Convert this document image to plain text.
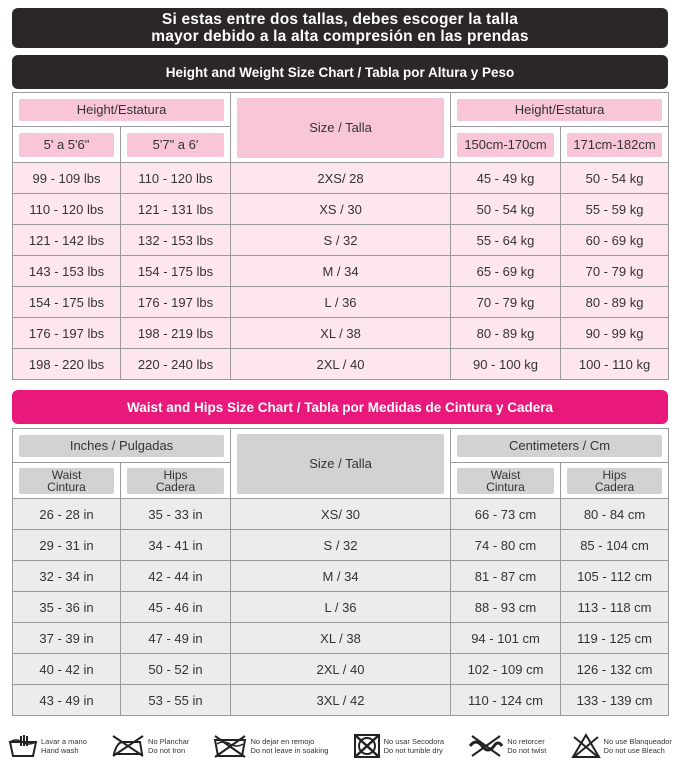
Si estas entre dos tallas, debes escoger la talla
mayor debido a la alta compresión en las prendas
Height and Weight Size Chart / Tabla por Altura y Peso
Height/Estatura		Size / Talla	Height/Estatura	

5' a 5'6"	5'7" a 6'		150cm-170cm	171cm-182cm

99 - 109 lbs	110 - 120 lbs	2XS/ 28	45 - 49 kg	50 - 54 kg
110 - 120 lbs	121 - 131 lbs	XS / 30	50 - 54 kg	55 - 59 kg
121 - 142 lbs	132 - 153 lbs	S / 32	55 - 64 kg	60 - 69 kg
143 - 153 lbs	154 - 175 lbs	M / 34	65 - 69 kg	70 - 79 kg
154 - 175 lbs	176 - 197 lbs	L / 36	70 - 79 kg	80 - 89 kg
176 - 197 lbs	198 - 219 lbs	XL / 38	80 - 89 kg	90 - 99 kg
198 - 220 lbs	220 - 240 lbs	2XL / 40	90 - 100 kg	100 - 110 kg
Waist and Hips Size Chart / Tabla por Medidas de Cintura y Cadera
Inches / Pulgadas		Size / Talla	Centimeters / Cm	

Waist
Cintura	Hips
Cadera		Waist
Cintura	Hips
Cadera

26 - 28 in	35 - 33 in	XS/ 30	66 - 73 cm	80 - 84 cm
29 - 31 in	34 - 41 in	S / 32	74 - 80 cm	85 - 104 cm
32 - 34 in	42 - 44 in	M / 34	81 - 87 cm	105 - 112 cm
35 - 36 in	45 - 46 in	L / 36	88 - 93 cm	113 - 118 cm
37 - 39 in	47 - 49 in	XL / 38	94 - 101 cm	119 - 125 cm
40 - 42 in	50 - 52 in	2XL / 40	102 - 109 cm	126 - 132 cm
43 - 49 in	53 - 55 in	3XL / 42	110 - 124 cm	133 - 139 cm
Lavar a mano
Hand wash
No Planchar
Do not Iron
No dejar en remojo
Do not leave in soaking
No usar Secodora
Do not tumble dry
No retorcer
Do not twist
No use Blanqueador
Do not use Bleach
